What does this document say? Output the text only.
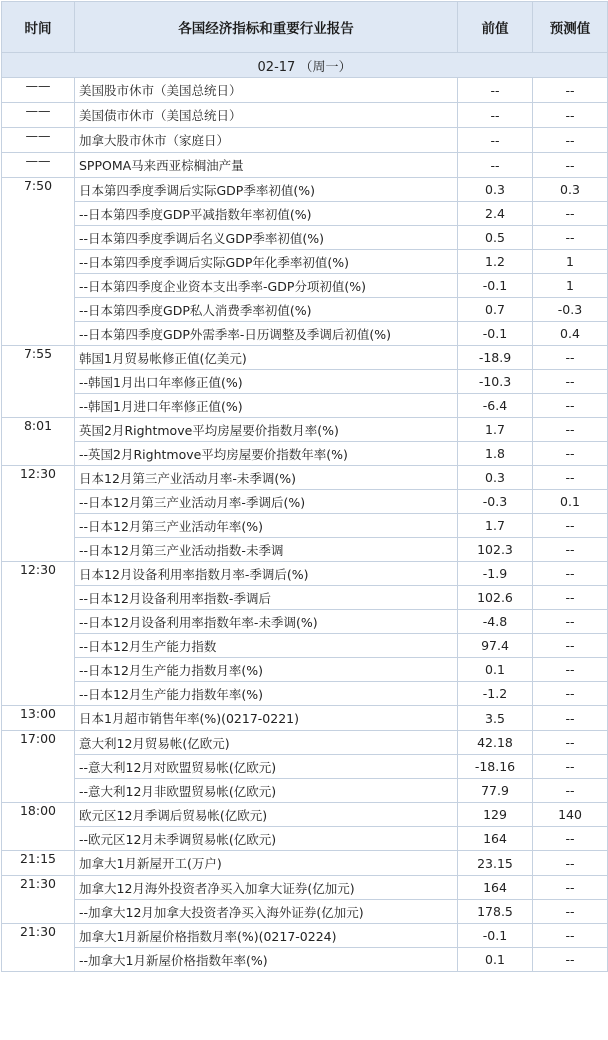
时间	各国经济指标和重要行业报告	前值	预测值
02-17 （周一）			
——	美国股市休市（美国总统日）	--	--
——	美国债市休市（美国总统日）	--	--
——	加拿大股市休市（家庭日）	--	--
——	SPPOMA马来西亚棕榈油产量	--	--
7:50	日本第四季度季调后实际GDP季率初值(%)	0.3	0.3
	--日本第四季度GDP平减指数年率初值(%)	2.4	--
	--日本第四季度季调后名义GDP季率初值(%)	0.5	--
	--日本第四季度季调后实际GDP年化季率初值(%)	1.2	1
	--日本第四季度企业资本支出季率-GDP分项初值(%)	-0.1	1
	--日本第四季度GDP私人消费季率初值(%)	0.7	-0.3
	--日本第四季度GDP外需季率-日历调整及季调后初值(%)	-0.1	0.4
7:55	韩国1月贸易帐修正值(亿美元)	-18.9	--
	--韩国1月出口年率修正值(%)	-10.3	--
	--韩国1月进口年率修正值(%)	-6.4	--
8:01	英国2月Rightmove平均房屋要价指数月率(%)	1.7	--
	--英国2月Rightmove平均房屋要价指数年率(%)	1.8	--
12:30	日本12月第三产业活动月率-未季调(%)	0.3	--
	--日本12月第三产业活动月率-季调后(%)	-0.3	0.1
	--日本12月第三产业活动年率(%)	1.7	--
	--日本12月第三产业活动指数-未季调	102.3	--
12:30	日本12月设备利用率指数月率-季调后(%)	-1.9	--
	--日本12月设备利用率指数-季调后	102.6	--
	--日本12月设备利用率指数年率-未季调(%)	-4.8	--
	--日本12月生产能力指数	97.4	--
	--日本12月生产能力指数月率(%)	0.1	--
	--日本12月生产能力指数年率(%)	-1.2	--
13:00	日本1月超市销售年率(%)(0217-0221)	3.5	--
17:00	意大利12月贸易帐(亿欧元)	42.18	--
	--意大利12月对欧盟贸易帐(亿欧元)	-18.16	--
	--意大利12月非欧盟贸易帐(亿欧元)	77.9	--
18:00	欧元区12月季调后贸易帐(亿欧元)	129	140
	--欧元区12月未季调贸易帐(亿欧元)	164	--
21:15	加拿大1月新屋开工(万户)	23.15	--
21:30	加拿大12月海外投资者净买入加拿大证券(亿加元)	164	--
	--加拿大12月加拿大投资者净买入海外证券(亿加元)	178.5	--
21:30	加拿大1月新屋价格指数月率(%)(0217-0224)	-0.1	--
	--加拿大1月新屋价格指数年率(%)	0.1	--
